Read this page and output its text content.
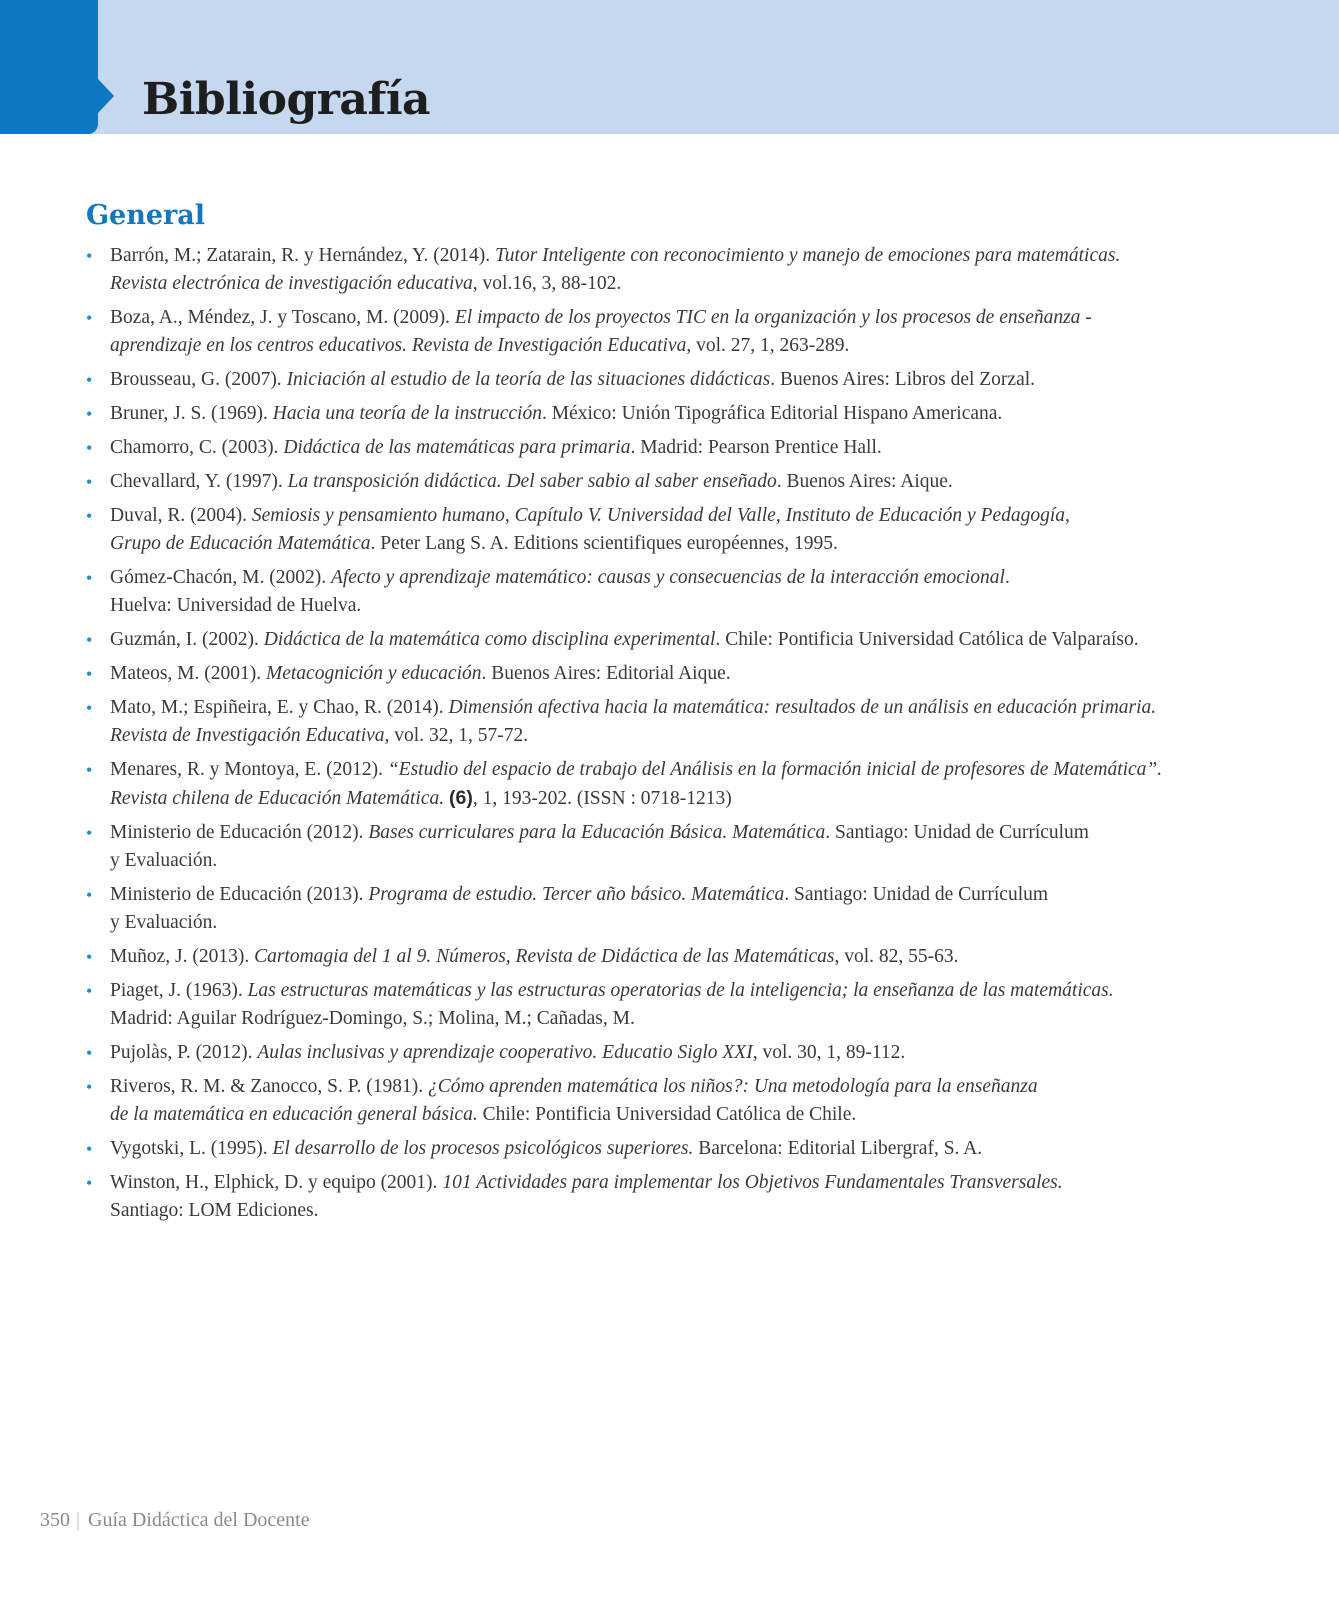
Bibliografía
General
• Barrón, M.; Zatarain, R. y Hernández, Y. (2014). Tutor Inteligente con reconocimiento y manejo de emociones para matemáticas.
Revista electrónica de investigación educativa, vol.16, 3, 88-102.
• Boza, A., Méndez, J. y Toscano, M. (2009). El impacto de los proyectos TIC en la organización y los procesos de enseñanza -
aprendizaje en los centros educativos. Revista de Investigación Educativa, vol. 27, 1, 263-289.
• Brousseau, G. (2007). Iniciación al estudio de la teoría de las situaciones didácticas. Buenos Aires: Libros del Zorzal.
• Bruner, J. S. (1969). Hacia una teoría de la instrucción. México: Unión Tipográfica Editorial Hispano Americana.
• Chamorro, C. (2003). Didáctica de las matemáticas para primaria. Madrid: Pearson Prentice Hall.
• Chevallard, Y. (1997). La transposición didáctica. Del saber sabio al saber enseñado. Buenos Aires: Aique.
• Duval, R. (2004). Semiosis y pensamiento humano, Capítulo V. Universidad del Valle, Instituto de Educación y Pedagogía,
Grupo de Educación Matemática. Peter Lang S. A. Editions scientifiques européennes, 1995.
• Gómez-Chacón, M. (2002). Afecto y aprendizaje matemático: causas y consecuencias de la interacción emocional.
Huelva: Universidad de Huelva.
• Guzmán, I. (2002). Didáctica de la matemática como disciplina experimental. Chile: Pontificia Universidad Católica de Valparaíso.
• Mateos, M. (2001). Metacognición y educación. Buenos Aires: Editorial Aique.
• Mato, M.; Espiñeira, E. y Chao, R. (2014). Dimensión afectiva hacia la matemática: resultados de un análisis en educación primaria.
Revista de Investigación Educativa, vol. 32, 1, 57-72.
• Menares, R. y Montoya, E. (2012). “Estudio del espacio de trabajo del Análisis en la formación inicial de profesores de Matemática”.
Revista chilena de Educación Matemática. (6), 1, 193-202. (ISSN : 0718-1213)
• Ministerio de Educación (2012). Bases curriculares para la Educación Básica. Matemática. Santiago: Unidad de Currículum
y Evaluación.
• Ministerio de Educación (2013). Programa de estudio. Tercer año básico. Matemática. Santiago: Unidad de Currículum
y Evaluación.
• Muñoz, J. (2013). Cartomagia del 1 al 9. Números, Revista de Didáctica de las Matemáticas, vol. 82, 55-63.
• Piaget, J. (1963). Las estructuras matemáticas y las estructuras operatorias de la inteligencia; la enseñanza de las matemáticas.
Madrid: Aguilar Rodríguez-Domingo, S.; Molina, M.; Cañadas, M.
• Pujolàs, P. (2012). Aulas inclusivas y aprendizaje cooperativo. Educatio Siglo XXI, vol. 30, 1, 89-112.
• Riveros, R. M. & Zanocco, S. P. (1981). ¿Cómo aprenden matemática los niños?: Una metodología para la enseñanza
de la matemática en educación general básica. Chile: Pontificia Universidad Católica de Chile.
• Vygotski, L. (1995). El desarrollo de los procesos psicológicos superiores. Barcelona: Editorial Libergraf, S. A.
• Winston, H., Elphick, D. y equipo (2001). 101 Actividades para implementar los Objetivos Fundamentales Transversales.
Santiago: LOM Ediciones.
350 | Guía Didáctica del Docente
